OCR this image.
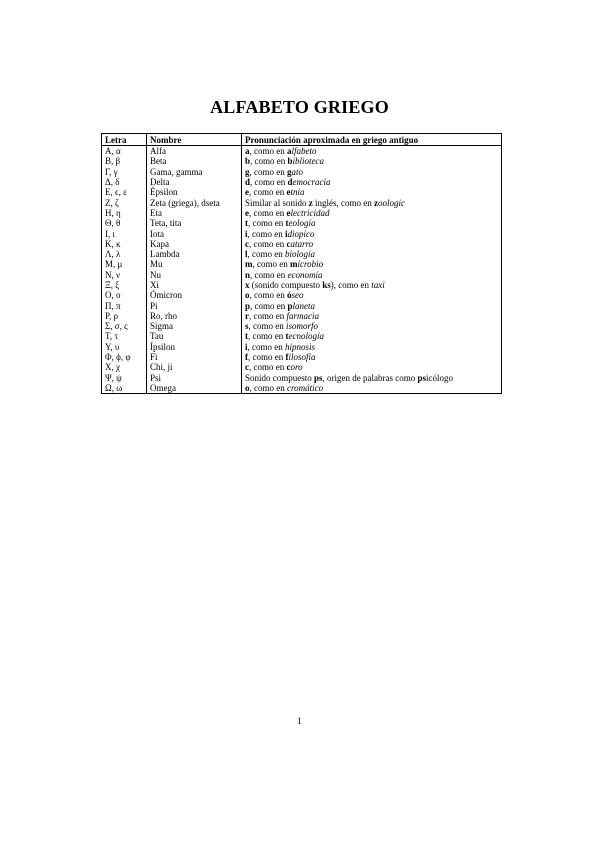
ALFABETO GRIEGO
Letra	Nombre	Pronunciación aproximada en griego antiguo
Α, α	Alfa	a, como en alfabeto
Β, β	Beta	b, como en biblioteca
Γ, γ	Gama, gamma	g, como en gato
Δ, δ	Delta	d, como en democracia
Ε, ϵ, ε	Épsilon	e, como en etnia
Ζ, ζ	Zeta (griega), dseta	Similar al sonido z inglés, como en zoologic
Η, η	Eta	e, como en electricidad
Θ, θ	Teta, tita	t, como en teología
Ι, ι	Iota	i, como en idiopico
Κ, κ	Kapa	c, como en catarro
Λ, λ	Lambda	l, como en biología
Μ, μ	Mu	m, como en microbio
Ν, ν	Nu	n, como en economía
Ξ, ξ	Xi	x (sonido compuesto ks), como en taxi
Ο, ο	Ómicron	o, como en óseo
Π, π	Pi	p, como en planeta
Ρ, ρ	Ro, rho	r, como en farmacia
Σ, σ, ς	Sigma	s, como en isomorfo
Τ, τ	Tau	t, como en tecnología
Υ, υ	Ípsilon	i, como en hipnosis
Φ, ϕ, φ	Fi	f, como en filosofía
Χ, χ	Chi, ji	c, como en coro
Ψ, ψ	Psi	Sonido compuesto ps, origen de palabras como psicólogo
Ω, ω	Omega	o, como en cromático
1
